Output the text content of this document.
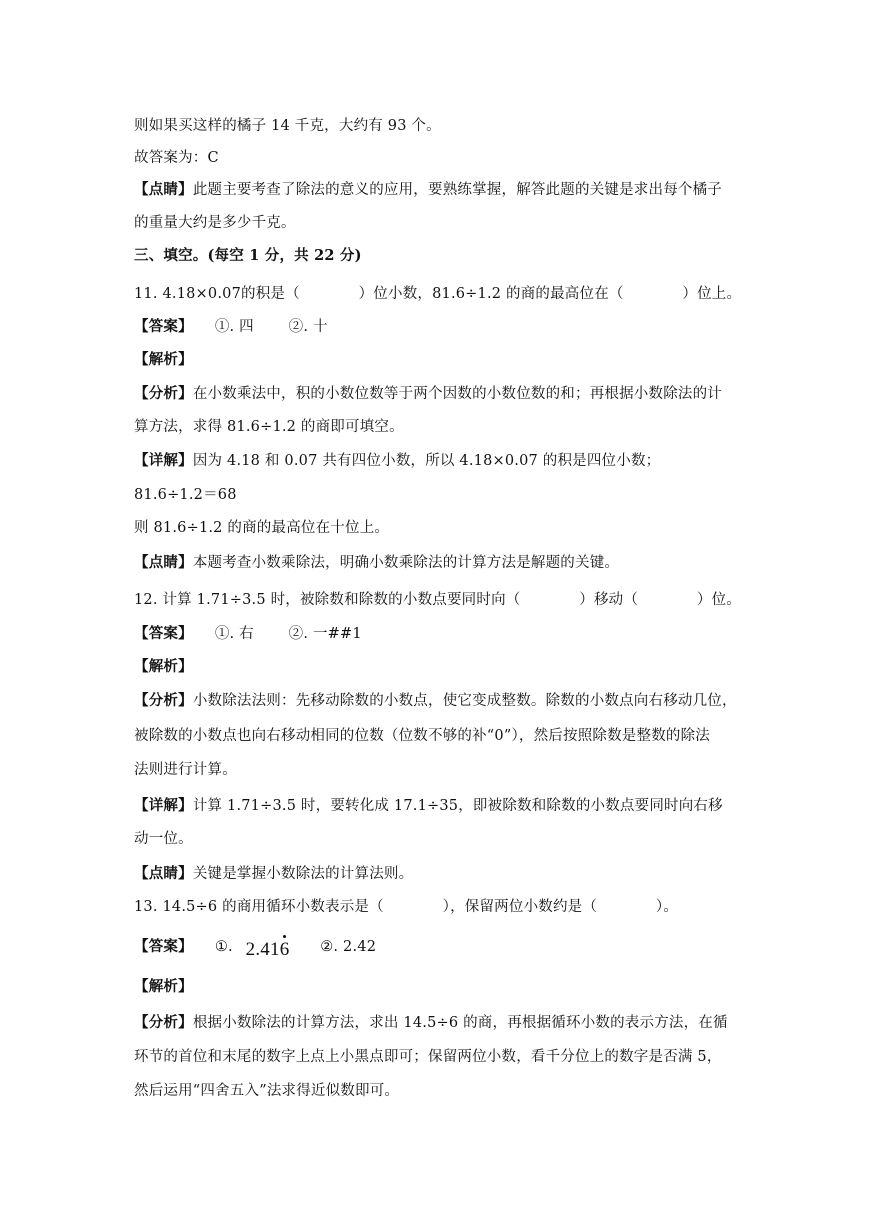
则如果买这样的橘子 14 千克，大约有 93 个。
故答案为：C
【点睛】此题主要考查了除法的意义的应用，要熟练掌握，解答此题的关键是求出每个橘子
的重量大约是多少千克。
三、填空。(每空 1 分，共 22 分)
11. 4.18×0.07的积是（　　　　）位小数，81.6÷1.2 的商的最高位在（　　　　）位上。
【答案】 ①. 四 ②. 十
【解析】
【分析】在小数乘法中，积的小数位数等于两个因数的小数位数的和；再根据小数除法的计
算方法，求得 81.6÷1.2 的商即可填空。
【详解】因为 4.18 和 0.07 共有四位小数，所以 4.18×0.07 的积是四位小数；
81.6÷1.2＝68
则 81.6÷1.2 的商的最高位在十位上。
【点睛】本题考查小数乘除法，明确小数乘除法的计算方法是解题的关键。
12. 计算 1.71÷3.5 时，被除数和除数的小数点要同时向（　　　　）移动（　　　　）位。
【答案】 ①. 右 ②. 一##1
【解析】
【分析】小数除法法则：先移动除数的小数点，使它变成整数。除数的小数点向右移动几位，
被除数的小数点也向右移动相同的位数（位数不够的补“0”），然后按照除数是整数的除法
法则进行计算。
【详解】计算 1.71÷3.5 时，要转化成 17.1÷35，即被除数和除数的小数点要同时向右移
动一位。
【点睛】关键是掌握小数除法的计算法则。
13. 14.5÷6 的商用循环小数表示是（　　　　），保留两位小数约是（　　　　）。
【答案】 ①. 2.416 ②. 2.42
【解析】
【分析】根据小数除法的计算方法，求出 14.5÷6 的商，再根据循环小数的表示方法，在循
环节的首位和末尾的数字上点上小黑点即可；保留两位小数，看千分位上的数字是否满 5，
然后运用“四舍五入”法求得近似数即可。
